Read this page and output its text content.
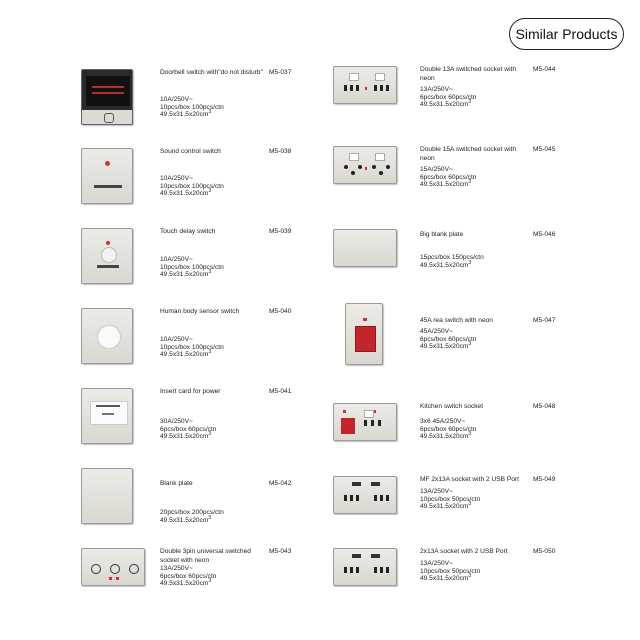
Similar Products
Doorbell switch with"do not disturb" M5-037
10A/250V~
10pcs/box 100pcs/ctn
$49.5x31.5x20cm^3$
Sound control switch	M5-038
10A/250V~
10pcs/box 100pcs/ctn
$49.5x31.5x20cm^3$
Touch delay switch	M5-039
10A/250V~
10pcs/box 100pcs/ctn
$49.5x31.5x20cm^3$
Human body sensor switch	M5-040
10A/250V~
10pcs/box 100pcs/ctn
$49.5x31.5x20cm^3$
Insert card for power	M5-041
30A/250V~
6pcs/box 60pcs/ctn
$49.5x31.5x20cm^3$
Blank plate	M5-042
20pcs/box 200pcs/ctn
$49.5x31.5x20cm^3$
Double 3pin universal switched socket with neon
M5-043
13A/250V~
6pcs/box 60pcs/ctn
$49.5x31.5x20cm^3$
Double 13A switched socket with neon
M5-044
13A/250V~
6pcs/box 60pcs/ctn
$49.5x31.5x20cm^3$
Double 15A switched socket with neon
M5-045
15A/250V~
6pcs/box 60pcs/ctn
$49.5x31.5x20cm^3$
Big blank plate	M5-046
15pcs/box 150pcs/ctn
$49.5x31.5x20cm^3$
45A rea switch with neon	M5-047
45A/250V~
6pcs/box 60pcs/ctn
$49.5x31.5x20cm^3$
Kitchen switch socket	M5-048
3x6 45A/250V~
6pcs/box 60pcs/ctn
$49.5x31.5x20cm^3$
MF 2x13A socket with 2 USB Port	M5-049
13A/250V~
10pcs/box 50pcs/ctn
$49.5x31.5x20cm^3$
2x13A socket with 2 USB Port	M5-050
13A/250V~
10pcs/box 50pcs/ctn
$49.5x31.5x20cm^3$
